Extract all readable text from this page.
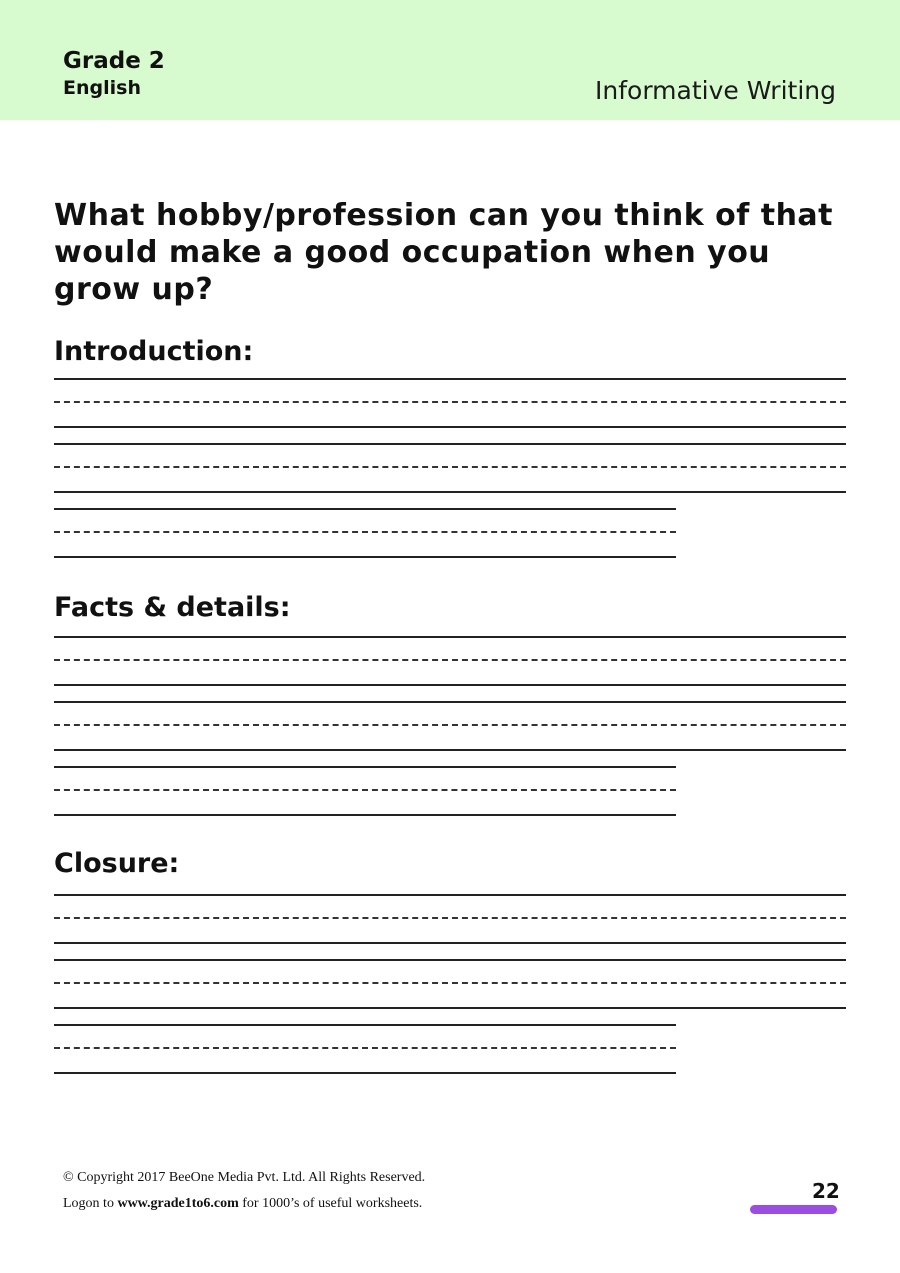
Grade 2
English	Informative Writing
What hobby/profession can you think of that would make a good occupation when you grow up?
Introduction:
Facts & details:
Closure:
© Copyright 2017 BeeOne Media Pvt. Ltd. All Rights Reserved.
Logon to www.grade1to6.com for 1000’s of useful worksheets.
22
